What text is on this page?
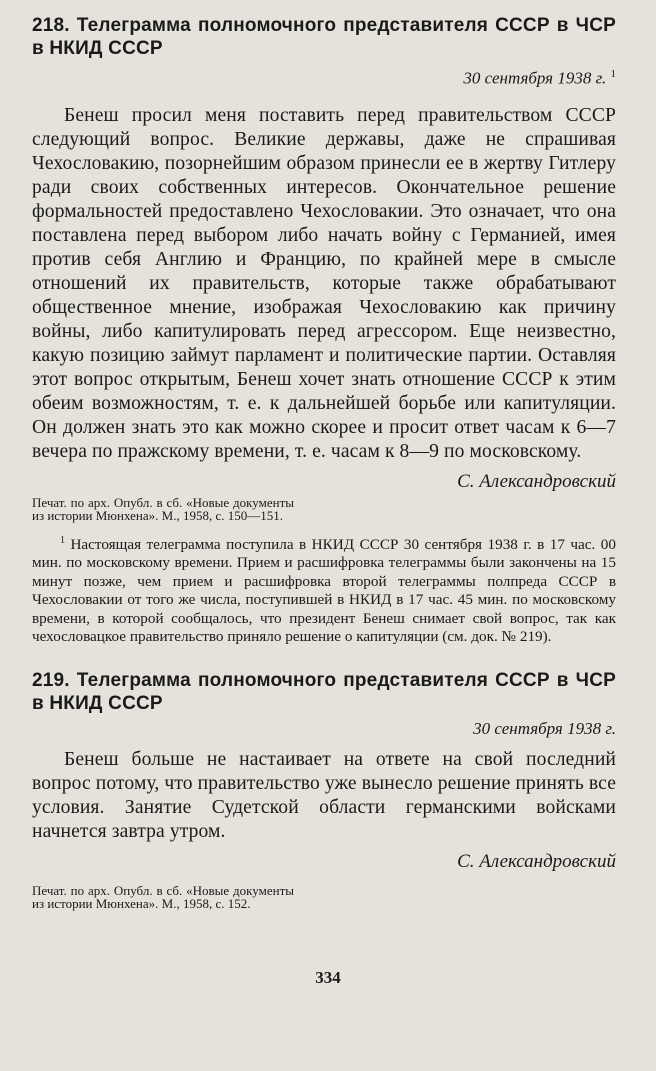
218. Телеграмма полномочного представителя СССР в ЧСР в НКИД СССР
30 сентября 1938 г. $^1$

Бенеш просил меня поставить перед правительством СССР следующий вопрос. Великие державы, даже не спрашивая Чехословакию, позорнейшим образом принесли ее в жертву Гитлеру ради своих собственных интересов. Окончательное решение формальностей предоставлено Чехословакии. Это означает, что она поставлена перед выбором либо начать войну с Германией, имея против себя Англию и Францию, по крайней мере в смысле отношений их правительств, которые также обрабатывают общественное мнение, изображая Чехословакию как причину войны, либо капитулировать перед агрессором. Еще неизвестно, какую позицию займут парламент и политические партии. Оставляя этот вопрос открытым, Бенеш хочет знать отношение СССР к этим обеим возможностям, т. е. к дальнейшей борьбе или капитуляции. Он должен знать это как можно скорее и просит ответ часам к 6—7 вечера по пражскому времени, т. е. часам к 8—9 по московскому.

С. Александровский
Печат. по арх. Опубл. в сб. «Новые документы из истории Мюнхена». М., 1958, с. 150—151.
$^1$ Настоящая телеграмма поступила в НКИД СССР 30 сентября 1938 г. в 17 час. 00 мин. по московскому времени. Прием и расшифровка телеграммы были закончены на 15 минут позже, чем прием и расшифровка второй телеграммы полпреда СССР в Чехословакии от того же числа, поступившей в НКИД в 17 час. 45 мин. по московскому времени, в которой сообщалось, что президент Бенеш снимает свой вопрос, так как чехословацкое правительство приняло решение о капитуляции (см. док. № 219).
219. Телеграмма полномочного представителя СССР в ЧСР в НКИД СССР
30 сентября 1938 г.

Бенеш больше не настаивает на ответе на свой последний вопрос потому, что правительство уже вынесло решение принять все условия. Занятие Судетской области германскими войсками начнется завтра утром.

С. Александровский
Печат. по арх. Опубл. в сб. «Новые документы из истории Мюнхена». М., 1958, с. 152.
334
